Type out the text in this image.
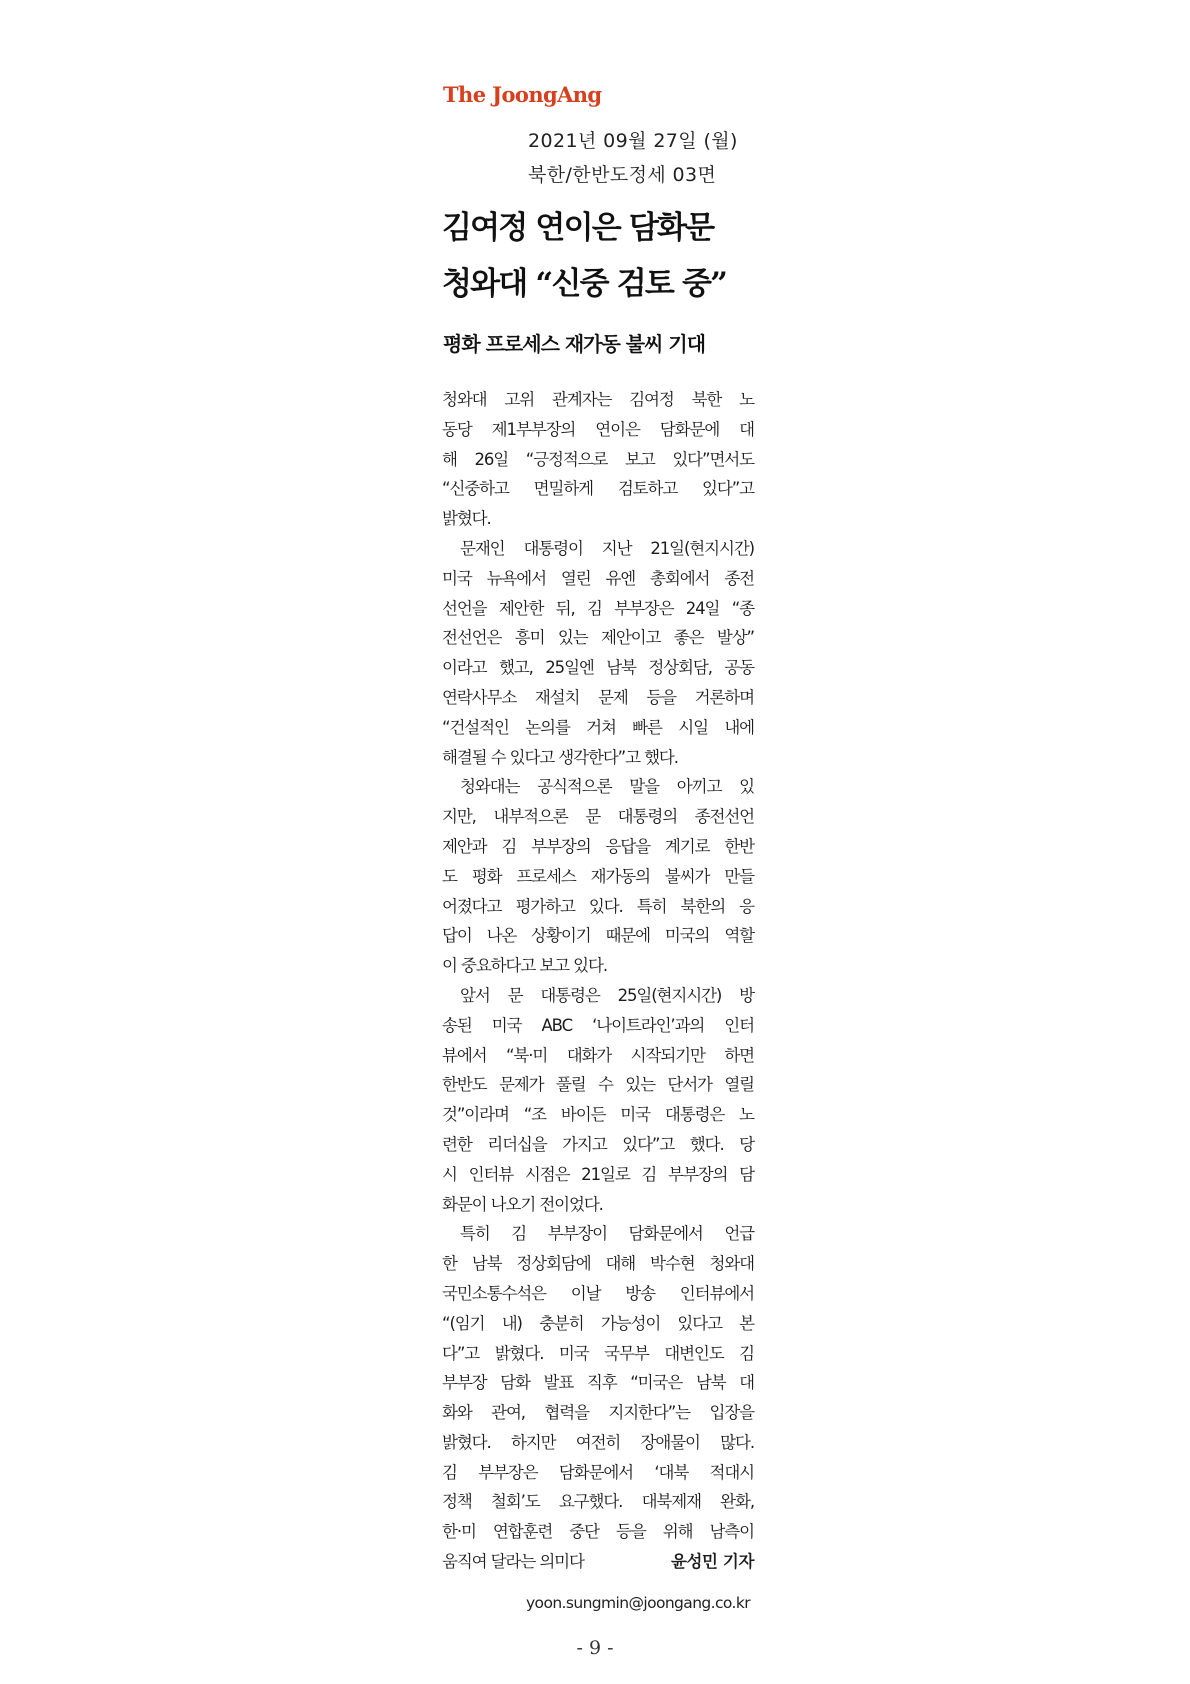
The JoongAng
2021년 09월 27일 (월)
북한/한반도정세 03면
김여정 연이은 담화문
청와대 “신중 검토 중”
평화 프로세스 재가동 불씨 기대
청와대 고위 관계자는 김여정 북한 노
동당 제1부부장의 연이은 담화문에 대
해 26일 “긍정적으로 보고 있다”면서도
“신중하고 면밀하게 검토하고 있다”고
밝혔다.
문재인 대통령이 지난 21일(현지시간)
미국 뉴욕에서 열린 유엔 총회에서 종전
선언을 제안한 뒤, 김 부부장은 24일 “종
전선언은 흥미 있는 제안이고 좋은 발상”
이라고 했고, 25일엔 남북 정상회담, 공동
연락사무소 재설치 문제 등을 거론하며
“건설적인 논의를 거쳐 빠른 시일 내에
해결될 수 있다고 생각한다”고 했다.
청와대는 공식적으론 말을 아끼고 있
지만, 내부적으론 문 대통령의 종전선언
제안과 김 부부장의 응답을 계기로 한반
도 평화 프로세스 재가동의 불씨가 만들
어졌다고 평가하고 있다. 특히 북한의 응
답이 나온 상황이기 때문에 미국의 역할
이 중요하다고 보고 있다.
앞서 문 대통령은 25일(현지시간) 방
송된 미국 ABC ‘나이트라인’과의 인터
뷰에서 “북·미 대화가 시작되기만 하면
한반도 문제가 풀릴 수 있는 단서가 열릴
것”이라며 “조 바이든 미국 대통령은 노
련한 리더십을 가지고 있다”고 했다. 당
시 인터뷰 시점은 21일로 김 부부장의 담
화문이 나오기 전이었다.
특히 김 부부장이 담화문에서 언급
한 남북 정상회담에 대해 박수현 청와대
국민소통수석은 이날 방송 인터뷰에서
“(임기 내) 충분히 가능성이 있다고 본
다”고 밝혔다. 미국 국무부 대변인도 김
부부장 담화 발표 직후 “미국은 남북 대
화와 관여, 협력을 지지한다”는 입장을
밝혔다. 하지만 여전히 장애물이 많다.
김 부부장은 담화문에서 ‘대북 적대시
정책 철회’도 요구했다. 대북제재 완화,
한·미 연합훈련 중단 등을 위해 남측이
움직여 달라는 의미다	윤성민 기자
yoon.sungmin@joongang.co.kr
- 9 -
